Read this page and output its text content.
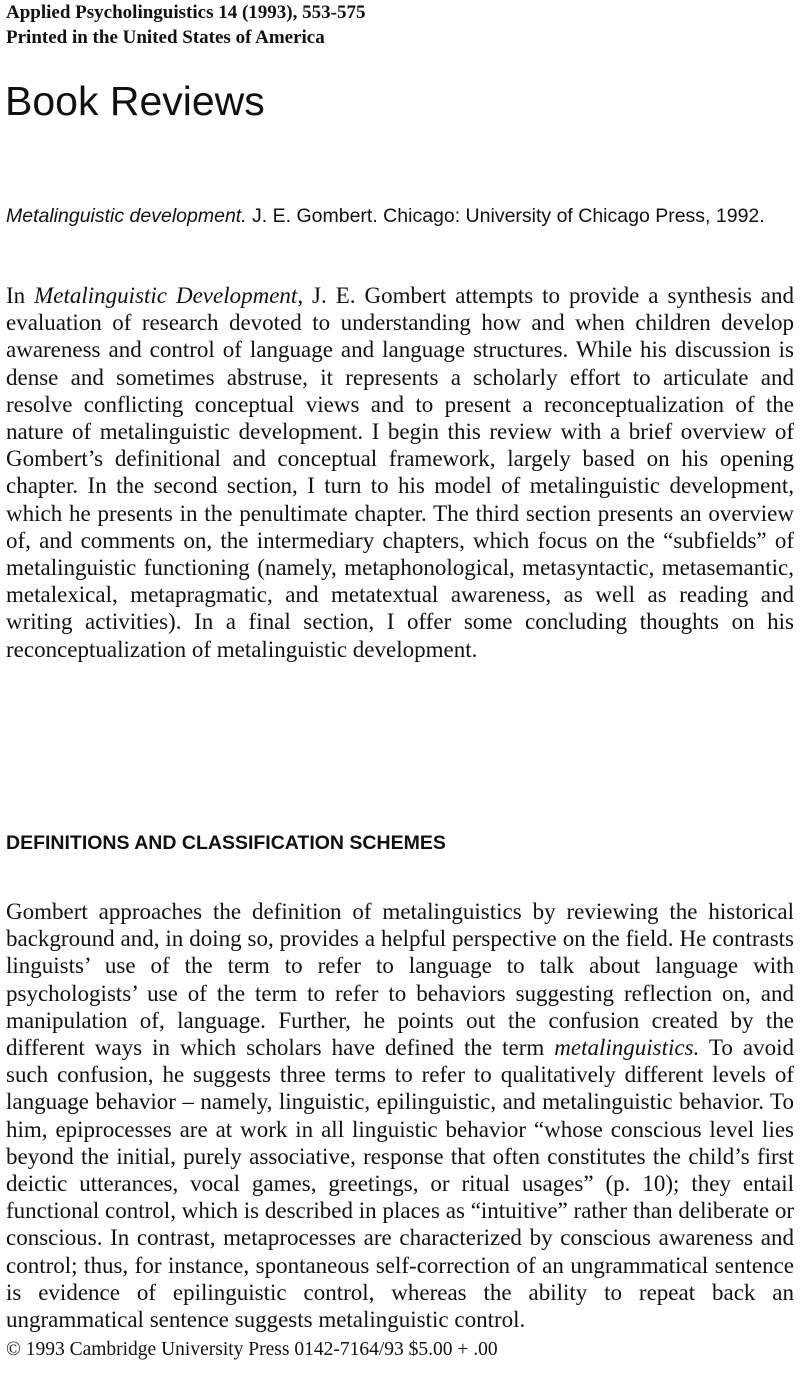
Applied Psycholinguistics 14 (1993), 553-575
Printed in the United States of America
Book Reviews

Metalinguistic development. J. E. Gombert. Chicago: University of Chicago Press, 1992.

In Metalinguistic Development, J. E. Gombert attempts to provide a synthesis and evaluation of research devoted to understanding how and when children develop awareness and control of language and language structures. While his discussion is dense and sometimes abstruse, it represents a scholarly effort to articulate and resolve conflicting conceptual views and to present a reconceptualization of the nature of metalinguistic development. I begin this review with a brief overview of Gombert’s definitional and conceptual framework, largely based on his opening chapter. In the second section, I turn to his model of metalinguistic development, which he presents in the penultimate chapter. The third section presents an overview of, and comments on, the intermediary chapters, which focus on the “subfields” of metalinguistic functioning (namely, metaphonological, metasyntactic, metasemantic, metalexical, metapragmatic, and metatextual awareness, as well as reading and writing activities). In a final section, I offer some concluding thoughts on his reconceptualization of metalinguistic development.

DEFINITIONS AND CLASSIFICATION SCHEMES

Gombert approaches the definition of metalinguistics by reviewing the historical background and, in doing so, provides a helpful perspective on the field. He contrasts linguists’ use of the term to refer to language to talk about language with psychologists’ use of the term to refer to behaviors suggesting reflection on, and manipulation of, language. Further, he points out the confusion created by the different ways in which scholars have defined the term metalinguistics. To avoid such confusion, he suggests three terms to refer to qualitatively different levels of language behavior – namely, linguistic, epilinguistic, and metalinguistic behavior. To him, epiprocesses are at work in all linguistic behavior “whose conscious level lies beyond the initial, purely associative, response that often constitutes the child’s first deictic utterances, vocal games, greetings, or ritual usages” (p. 10); they entail functional control, which is described in places as “intuitive” rather than deliberate or conscious. In contrast, metaprocesses are characterized by conscious awareness and control; thus, for instance, spontaneous self-correction of an ungrammatical sentence is evidence of epilinguistic control, whereas the ability to repeat back an ungrammatical sentence suggests metalinguistic control.

© 1993 Cambridge University Press 0142-7164/93 $5.00 + .00
